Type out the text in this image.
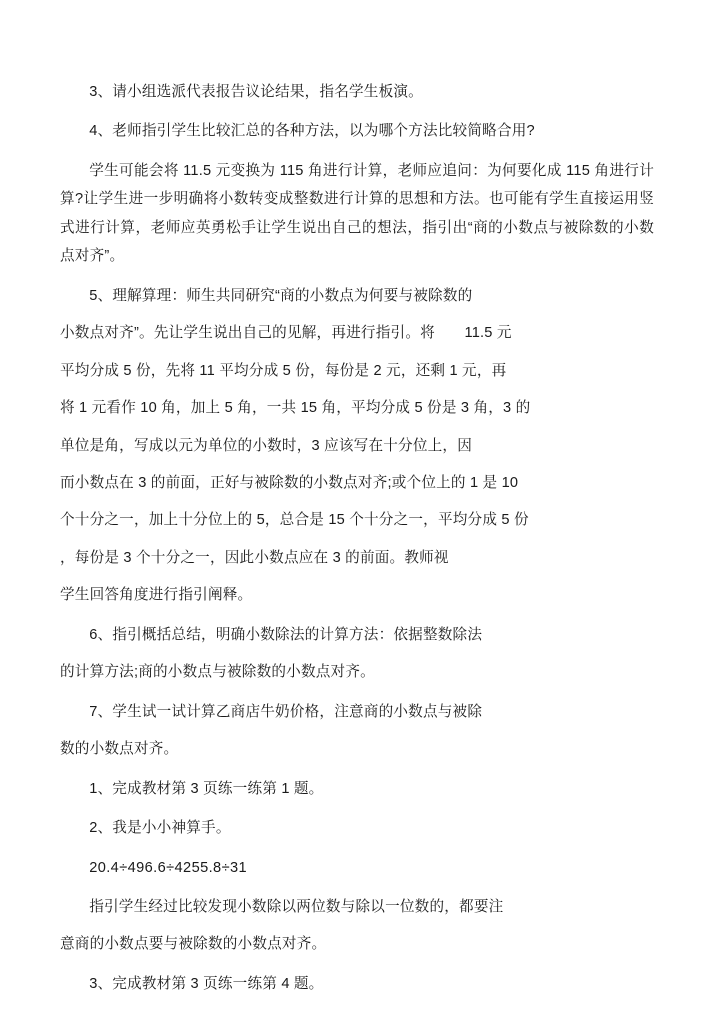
3、请小组选派代表报告议论结果，指名学生板演。

4、老师指引学生比较汇总的各种方法，以为哪个方法比较简略合用?

学生可能会将 11.5 元变换为 115 角进行计算，老师应追问：为何要化成 115 角进行计算?让学生进一步明确将小数转变成整数进行计算的思想和方法。也可能有学生直接运用竖式进行计算，老师应英勇松手让学生说出自己的想法，指引出“商的小数点与被除数的小数点对齐”。

5、理解算理：师生共同研究“商的小数点为何要与被除数的

小数点对齐”。先让学生说出自己的见解，再进行指引。将　　11.5 元

平均分成 5 份，先将 11 平均分成 5 份，每份是 2 元，还剩 1 元，再

将 1 元看作 10 角，加上 5 角，一共 15 角，平均分成 5 份是 3 角，3 的

单位是角，写成以元为单位的小数时，3 应该写在十分位上，因

而小数点在 3 的前面，正好与被除数的小数点对齐;或个位上的 1 是 10

个十分之一，加上十分位上的 5，总合是 15 个十分之一，平均分成 5 份

，每份是 3 个十分之一，因此小数点应在 3 的前面。教师视

学生回答角度进行指引阐释。

6、指引概括总结，明确小数除法的计算方法：依据整数除法

的计算方法;商的小数点与被除数的小数点对齐。

7、学生试一试计算乙商店牛奶价格，注意商的小数点与被除

数的小数点对齐。

1、完成教材第 3 页练一练第 1 题。

2、我是小小神算手。

20.4÷496.6÷4255.8÷31

指引学生经过比较发现小数除以两位数与除以一位数的，都要注

意商的小数点要与被除数的小数点对齐。

3、完成教材第 3 页练一练第 4 题。
